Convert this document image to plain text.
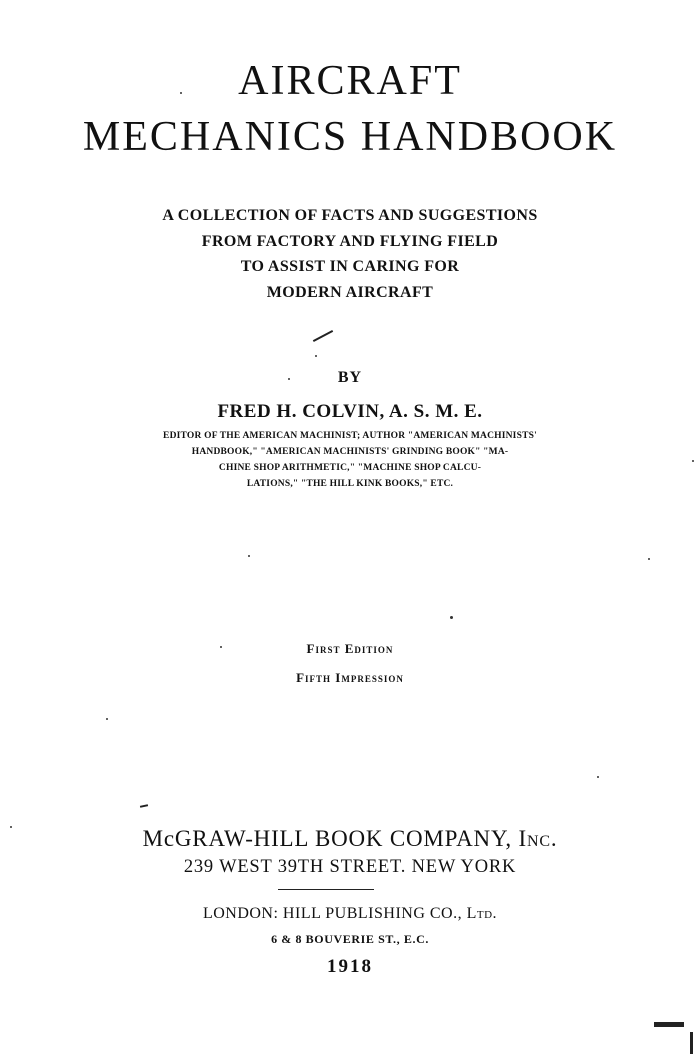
AIRCRAFT
MECHANICS HANDBOOK
A COLLECTION OF FACTS AND SUGGESTIONS
FROM FACTORY AND FLYING FIELD
TO ASSIST IN CARING FOR
MODERN AIRCRAFT
BY
FRED H. COLVIN, A. S. M. E.
EDITOR OF THE AMERICAN MACHINIST; AUTHOR "AMERICAN MACHINISTS'
HANDBOOK," "AMERICAN MACHINISTS' GRINDING BOOK" "MA-
CHINE SHOP ARITHMETIC," "MACHINE SHOP CALCU-
LATIONS," "THE HILL KINK BOOKS," ETC.
First Edition
Fifth Impression
McGRAW-HILL BOOK COMPANY, Inc.
239 WEST 39TH STREET. NEW YORK
LONDON: HILL PUBLISHING CO., Ltd.
6 & 8 BOUVERIE ST., E.C.
1918
